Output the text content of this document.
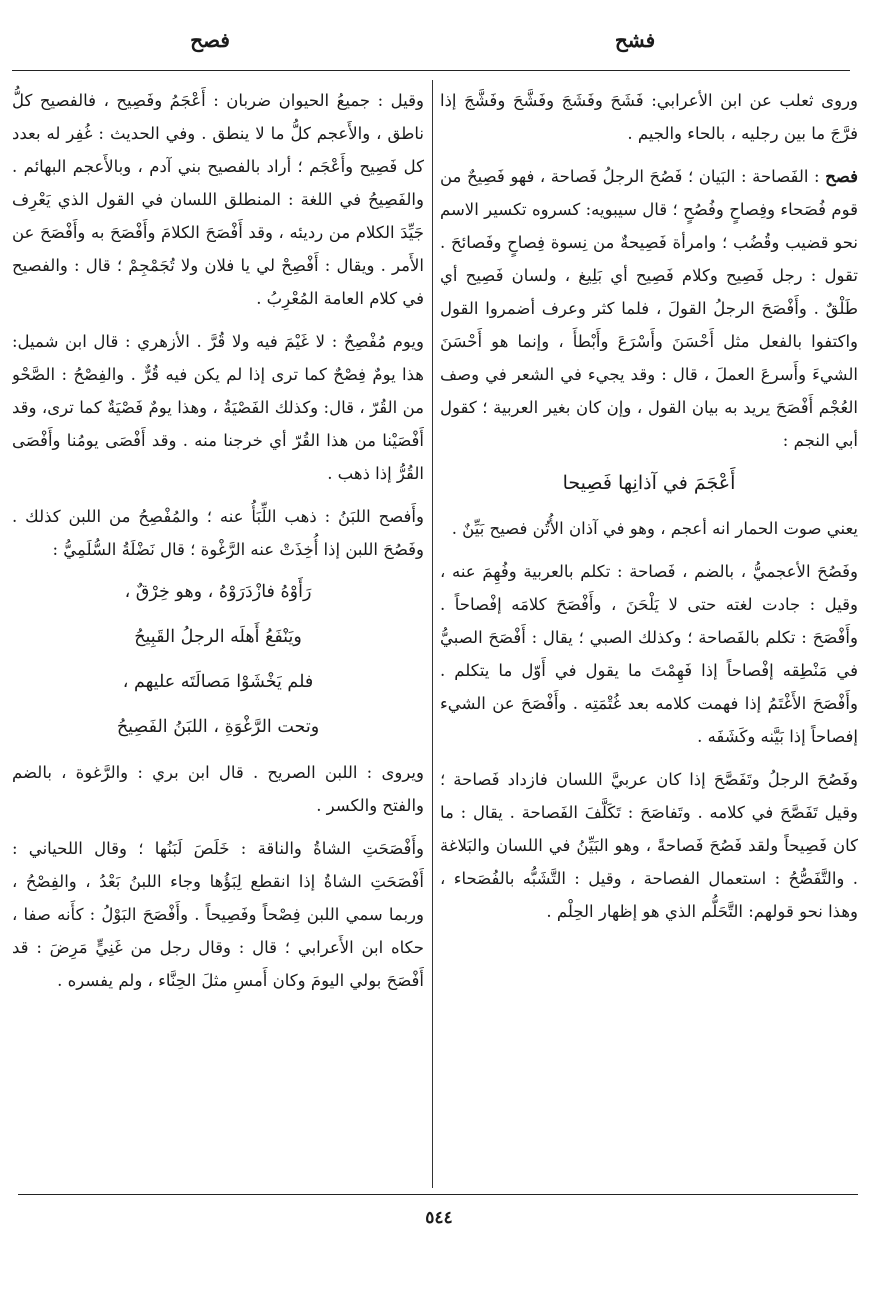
فشح
فصح

وروى ثعلب عن ابن الأعرابي: فَشَحَ وفَشَجَ وفَشَّحَ وفَشَّجَ إذا فرَّجَ ما بين رجليه ، بالحاء والجيم .

فصح : الفَصاحة : البَيان ؛ فَصُحَ الرجلُ فَصاحة ، فهو فَصِيحٌ من قوم فُصَحاء وفِصاحٍ وفُصُحٍ ؛ قال سيبويه: كسروه تكسير الاسم نحو قضيب وقُضُب ؛ وامرأة فَصِيحةٌ من نِسوة فِصاحٍ وفَصائحَ . تقول : رجل فَصِيح وكلام فَصِيح أي بَلِيغ ، ولسان فَصِيح أي طَلْقٌ . وأَفْصَحَ الرجلُ القولَ ، فلما كثر وعرف أضمروا القول واكتفوا بالفعل مثل أَحْسَنَ وأَسْرَعَ وأَبْطأَ ، وإنما هو أَحْسَنَ الشيءَ وأَسرعَ العملَ ، قال : وقد يجيء في الشعر في وصف العُجْم أَفْصَحَ يريد به بيان القول ، وإن كان بغير العربية ؛ كقول أبي النجم :

أَعْجَمَ في آذانِها فَصِيحا

يعني صوت الحمار انه أعجم ، وهو في آذان الأُتُن فصيح بَيِّنٌ .

وفَصُحَ الأعجميُّ ، بالضم ، فَصاحة : تكلم بالعربية وفُهِمَ عنه ، وقيل : جادت لغته حتى لا يَلْحَنَ ، وأَفْصَحَ كلامَه إفْصاحاً . وأَفْصَحَ : تكلم بالفَصاحة ؛ وكذلك الصبي ؛ يقال : أَفْصَحَ الصبيُّ في مَنْطِقه إفْصاحاً إذا فَهِمْتَ ما يقول في أَوّل ما يتكلم . وأَفْصَحَ الأَغْتَمُ إذا فهمت كلامه بعد غُتْمَتِه . وأَفْصَحَ عن الشيء إفصاحاً إذا بَيَّنه وكَشَفَه .

وفَصُحَ الرجلُ وتَفَصَّحَ إذا كان عربيَّ اللسان فازداد فَصاحة ؛ وقيل تَفَصَّحَ في كلامه . وتَفاصَحَ : تَكَلَّفَ الفَصاحة . يقال : ما كان فَصِيحاً ولقد فَصُحَ فَصاحةً ، وهو البَيِّنُ في اللسان والبَلاغة . والتَّفَصُّحُ : استعمال الفصاحة ، وقيل : التَّشَبُّه بالفُصَحاء ، وهذا نحو قولهم: التَّحَلُّم الذي هو إظهار الحِلْم .

وقيل : جميعُ الحيوان ضربان : أَعْجَمُ وفَصِيح ، فالفصيح كلُّ ناطق ، والأَعجم كلُّ ما لا ينطق . وفي الحديث : غُفِر له بعدد كل فَصِيح وأَعْجَم ؛ أراد بالفصيح بني آدم ، وبالأَعجم البهائم . والفَصِيحُ في اللغة : المنطلق اللسان في القول الذي يَعْرِف جَيِّدَ الكلام من رديئه ، وقد أَفْصَحَ الكلامَ وأَفْصَحَ به وأَفْصَحَ عن الأَمر . ويقال : أَفْصِحْ لي يا فلان ولا تُجَمْجِمْ ؛ قال : والفصيح في كلام العامة المُعْرِبُ .

ويوم مُفْصِحٌ : لا غَيْمَ فيه ولا قُرَّ . الأزهري : قال ابن شميل: هذا يومٌ فِصْحٌ كما ترى إذا لم يكن فيه قُرٌّ . والفِصْحُ : الصَّحْو من القُرّ ، قال: وكذلك الفَصْيَةُ ، وهذا يومٌ فَصْيَةٌ كما ترى، وقد أَفْصَيْنا من هذا القُرّ أي خرجنا منه . وقد أَفْصَى يومُنا وأَفْصَى القُرُّ إذا ذهب .

وأَفصح اللبَنُ : ذهب اللِّبَأُ عنه ؛ والمُفْصِحُ من اللبن كذلك . وفَصُحَ اللبن إذا أُخِذَتْ عنه الرَّغْوة ؛ قال نَضْلَةُ السُّلَمِيُّ :

رَأَوْهُ فازْدَرَوْهُ ، وهو خِرْقٌ ،
ويَنْفَعُ أَهلَه الرجلُ القَبِيحُ
فلم يَخْشَوْا مَصالَتَه عليهم ،
وتحت الرَّغْوَةِ ، اللبَنُ الفَصِيحُ

ويروى : اللبن الصريح . قال ابن بري : والرَّغوة ، بالضم والفتح والكسر .

وأَفْصَحَتِ الشاةُ والناقة : خَلَصَ لَبَنُها ؛ وقال اللحياني : أَفْصَحَتِ الشاةُ إذا انقطع لِبَؤُها وجاء اللبنُ بَعْدُ ، والفِصْحُ ، وربما سمي اللبن فِصْحاً وفَصِيحاً . وأَفْصَحَ البَوْلُ : كأَنه صفا ، حكاه ابن الأَعرابي ؛ قال : وقال رجل من غَنِيٍّ مَرِضَ : قد أَفْصَحَ بولي اليومَ وكان أَمسِ مثلَ الحِنَّاء ، ولم يفسره .

٥٤٤
